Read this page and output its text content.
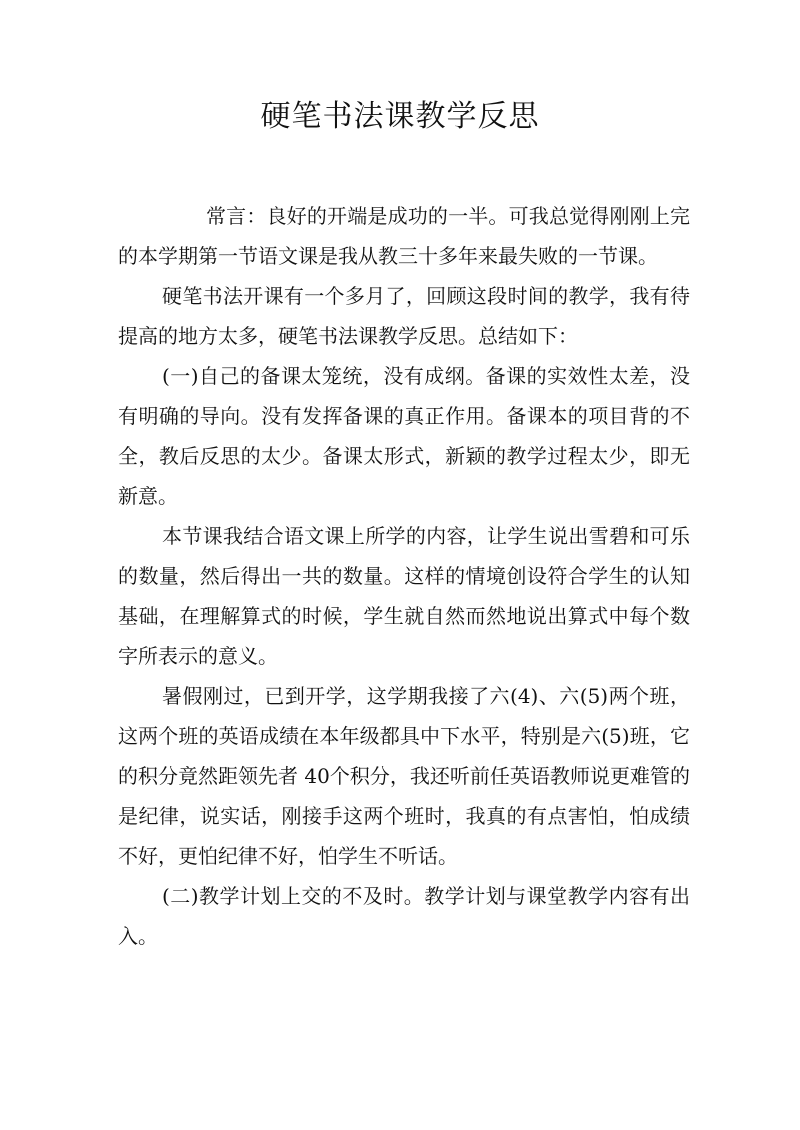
硬笔书法课教学反思

常言：良好的开端是成功的一半。可我总觉得刚刚上完的本学期第一节语文课是我从教三十多年来最失败的一节课。

硬笔书法开课有一个多月了，回顾这段时间的教学，我有待提高的地方太多，硬笔书法课教学反思。总结如下：

(一)自己的备课太笼统，没有成纲。备课的实效性太差，没有明确的导向。没有发挥备课的真正作用。备课本的项目背的不全，教后反思的太少。备课太形式，新颖的教学过程太少，即无新意。

本节课我结合语文课上所学的内容，让学生说出雪碧和可乐的数量，然后得出一共的数量。这样的情境创设符合学生的认知基础，在理解算式的时候，学生就自然而然地说出算式中每个数字所表示的意义。

暑假刚过，已到开学，这学期我接了六(4)、六(5)两个班，这两个班的英语成绩在本年级都具中下水平，特别是六(5)班，它的积分竟然距领先者 40个积分，我还听前任英语教师说更难管的是纪律，说实话，刚接手这两个班时，我真的有点害怕，怕成绩不好，更怕纪律不好，怕学生不听话。

(二)教学计划上交的不及时。教学计划与课堂教学内容有出入。
